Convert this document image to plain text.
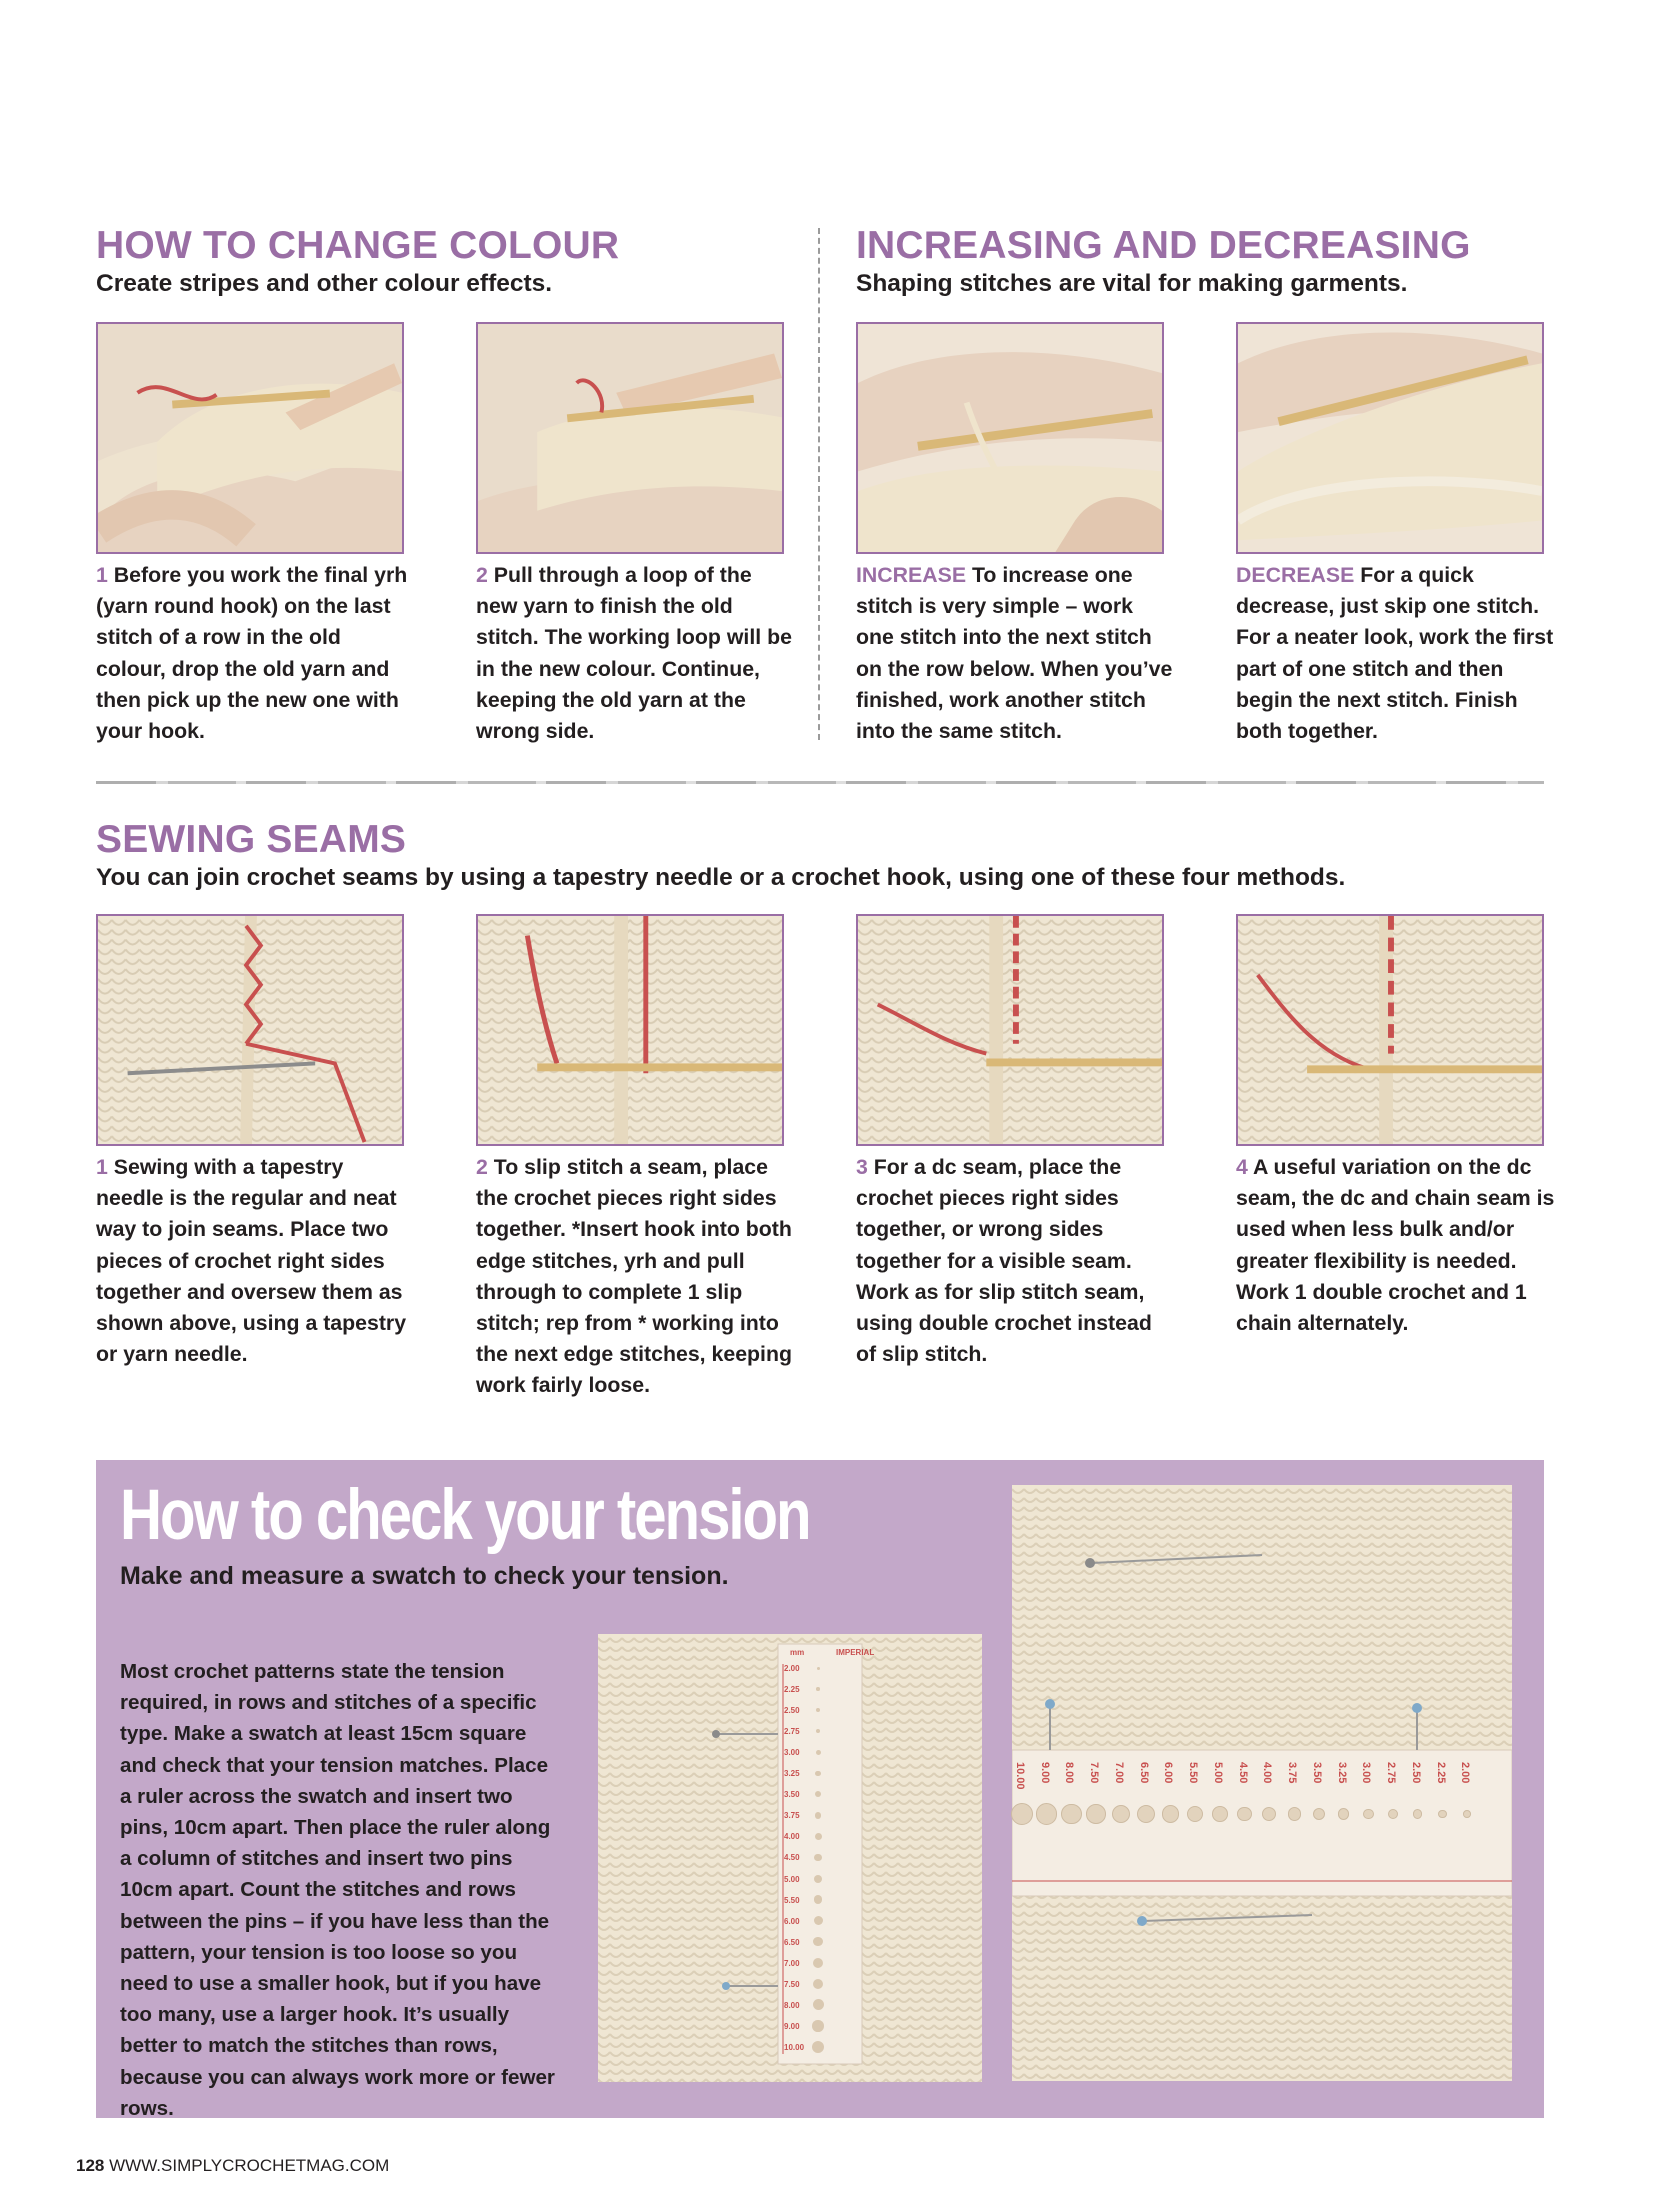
HOW TO CHANGE COLOUR
Create stripes and other colour effects.
INCREASING AND DECREASING
Shaping stitches are vital for making garments.
1 Before you work the final yrh (yarn round hook) on the last stitch of a row in the old colour, drop the old yarn and then pick up the new one with your hook.
2 Pull through a loop of the new yarn to finish the old stitch. The working loop will be in the new colour. Continue, keeping the old yarn at the wrong side.
INCREASE To increase one stitch is very simple – work one stitch into the next stitch on the row below. When you’ve finished, work another stitch into the same stitch.
DECREASE For a quick decrease, just skip one stitch. For a neater look, work the first part of one stitch and then begin the next stitch. Finish both together.
SEWING SEAMS
You can join crochet seams by using a tapestry needle or a crochet hook, using one of these four methods.
1 Sewing with a tapestry needle is the regular and neat way to join seams. Place two pieces of crochet right sides together and oversew them as shown above, using a tapestry or yarn needle.
2 To slip stitch a seam, place the crochet pieces right sides together. *Insert hook into both edge stitches, yrh and pull through to complete 1 slip stitch; rep from * working into the next edge stitches, keeping work fairly loose.
3 For a dc seam, place the crochet pieces right sides together, or wrong sides together for a visible seam. Work as for slip stitch seam, using double crochet instead of slip stitch.
4 A useful variation on the dc seam, the dc and chain seam is used when less bulk and/or greater flexibility is needed. Work 1 double crochet and 1 chain alternately.
How to check your tension
Make and measure a swatch to check your tension.
Most crochet patterns state the tension required, in rows and stitches of a specific type. Make a swatch at least 15cm square and check that your tension matches. Place a ruler across the swatch and insert two pins, 10cm apart. Then place the ruler along a column of stitches and insert two pins 10cm apart. Count the stitches and rows between the pins – if you have less than the pattern, your tension is too loose so you need to use a smaller hook, but if you have too many, use a larger hook. It’s usually better to match the stitches than rows, because you can always work more or fewer rows.
mm	IMPERIAL
2.00
2.25
2.50
2.75
3.00
3.25
3.50
3.75
4.00
4.50
5.00
5.50
6.00
6.50
7.00
7.50
8.00
9.00
10.00
10.00 9.00 8.00 7.50 7.00 6.50 6.00 5.50 5.00 4.50 4.00 3.75 3.50 3.25 3.00 2.75 2.50 2.25 2.00
128 WWW.SIMPLYCROCHETMAG.COM
